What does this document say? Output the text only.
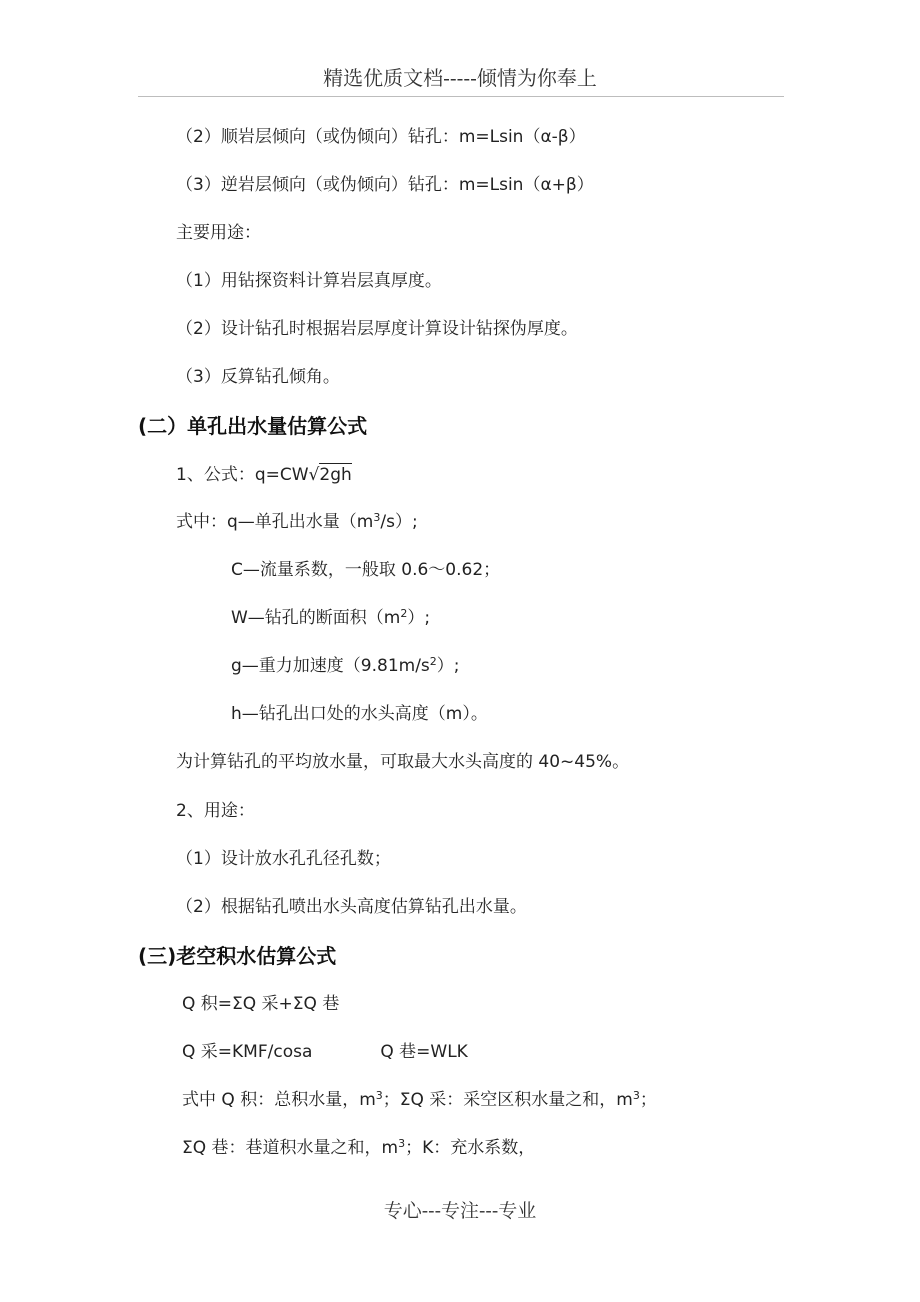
精选优质文档-----倾情为你奉上
（2）顺岩层倾向（或伪倾向）钻孔：m=Lsin（α-β）
（3）逆岩层倾向（或伪倾向）钻孔：m=Lsin（α+β）
主要用途：
（1）用钻探资料计算岩层真厚度。
（2）设计钻孔时根据岩层厚度计算设计钻探伪厚度。
（3）反算钻孔倾角。
(二）单孔出水量估算公式
1、公式：q=CW√2gh
式中：q—单孔出水量$(m^3/s)$;
C—流量系数，一般取 0.6～0.62；
W—钻孔的断面积$(m^2)$;
g—重力加速度$(9.81m/s^2)$;
h—钻孔出口处的水头高度（m）。
为计算钻孔的平均放水量，可取最大水头高度的 40~45%。
2、用途：
（1）设计放水孔孔径孔数；
（2）根据钻孔喷出水头高度估算钻孔出水量。
(三)老空积水估算公式
Q 积=ΣQ 采+ΣQ 巷
Q 采=KMF/cosa	Q 巷=WLK
式中 Q 积：总积水量，$m^3$；ΣQ 采：采空区积水量之和，$m^3$；
ΣQ 巷：巷道积水量之和，$m^3$；K：充水系数，
专心---专注---专业
